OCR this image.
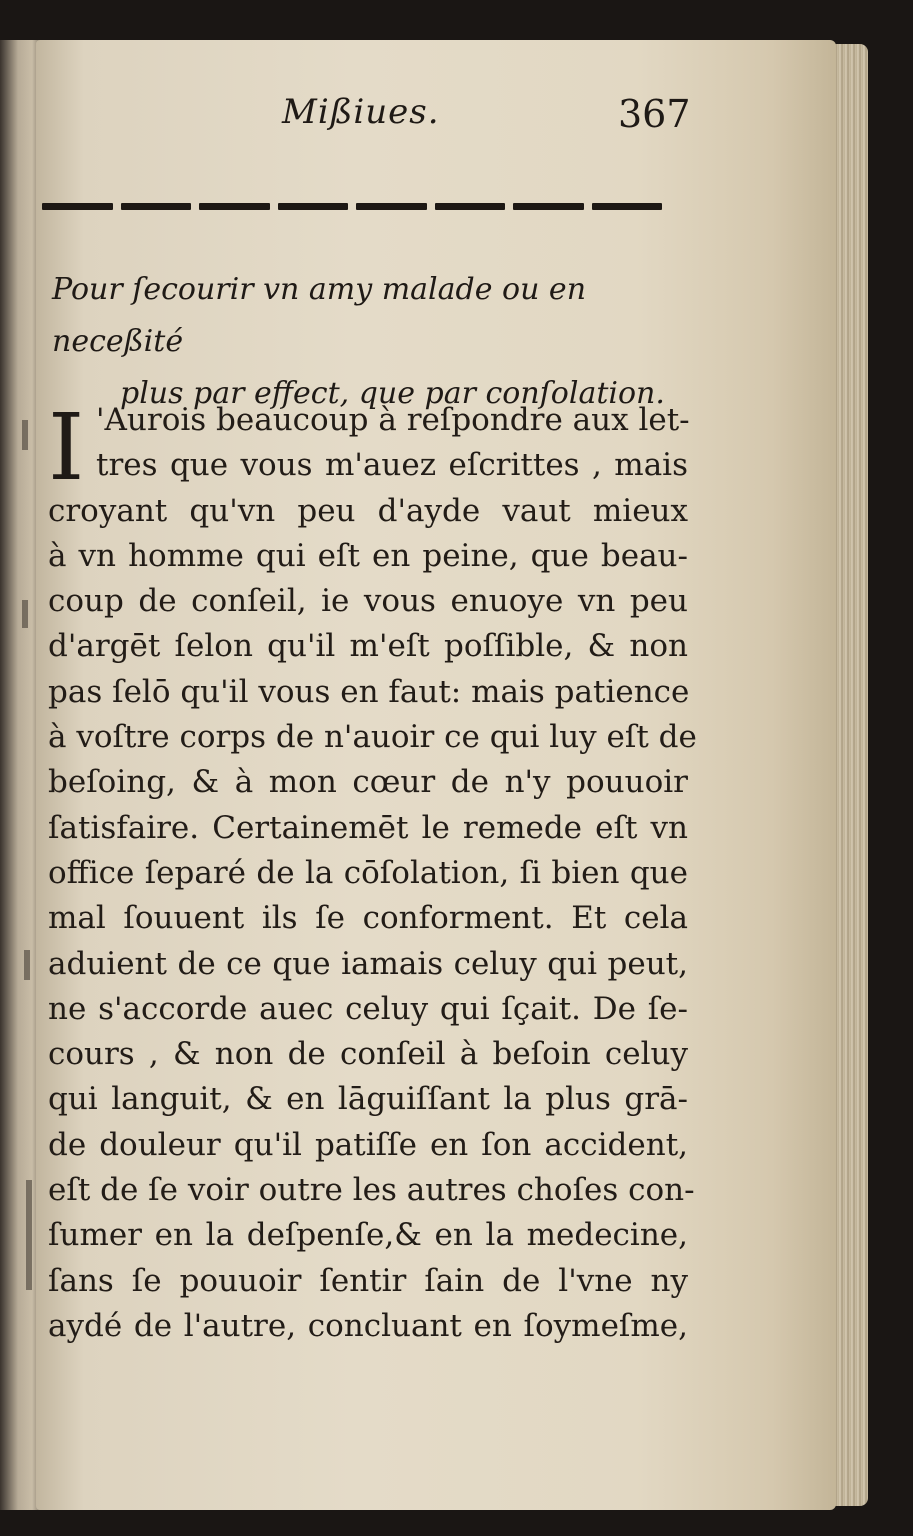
Mißiues.	367
Pour ſecourir vn amy malade ou en neceßité
plus par effect, que par conſolation.
I 'Aurois beaucoup à reſpondre aux let-
tres que vous m'auez eſcrittes , mais
croyant qu'vn peu d'ayde vaut mieux
à vn homme qui eſt en peine, que beau-
coup de conſeil, ie vous enuoye vn peu
d'argēt ſelon qu'il m'eſt poſſible, & non
pas ſelō qu'il vous en faut: mais patience
à voſtre corps de n'auoir ce qui luy eſt de
beſoing, & à mon cœur de n'y pouuoir
ſatisfaire. Certainemēt le remede eſt vn
office ſeparé de la cōſolation, ſi bien que
mal ſouuent ils ſe conforment. Et cela
aduient de ce que iamais celuy qui peut,
ne s'accorde auec celuy qui ſçait. De ſe-
cours , & non de conſeil à beſoin celuy
qui languit, & en lāguiſſant la plus grā-
de douleur qu'il patiſſe en ſon accident,
eſt de ſe voir outre les autres choſes con-
ſumer en la deſpenſe,& en la medecine,
ſans ſe pouuoir ſentir ſain de l'vne ny
aydé de l'autre, concluant en ſoymeſme,
